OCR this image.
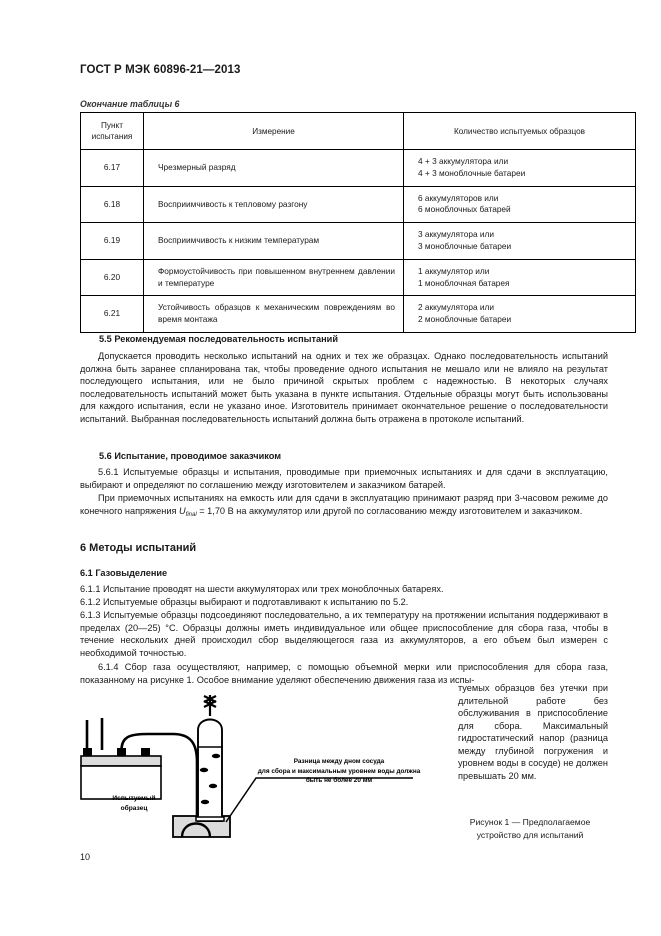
ГОСТ Р МЭК 60896-21—2013
Окончание таблицы 6
Пункт
испытания	Измерение	Количество испытуемых образцов
6.17	Чрезмерный разряд	4 + 3 аккумулятора или
4 + 3 моноблочные батареи
6.18	Восприимчивость к тепловому разгону	6 аккумуляторов или
6 моноблочных батарей
6.19	Восприимчивость к низким температурам	3 аккумулятора или
3 моноблочные батареи
6.20	Формоустойчивость при повышенном внутреннем давлении и температуре	1 аккумулятор или
1 моноблочная батарея
6.21	Устойчивость образцов к механическим повреждениям во время монтажа	2 аккумулятора или
2 моноблочные батареи
5.5 Рекомендуемая последовательность испытаний
Допускается проводить несколько испытаний на одних и тех же образцах. Однако последовательность испытаний должна быть заранее спланирована так, чтобы проведение одного испытания не мешало или не влияло на результат последующего испытания, или не было причиной скрытых проблем с надежностью. В некоторых случаях последовательность испытаний может быть указана в пункте испытания. Отдельные образцы могут быть использованы для каждого испытания, если не указано иное. Изготовитель принимает окончательное решение о последовательности испытаний. Выбранная последовательность испытаний должна быть отражена в протоколе испытаний.
5.6 Испытание, проводимое заказчиком
5.6.1 Испытуемые образцы и испытания, проводимые при приемочных испытаниях и для сдачи в эксплуатацию, выбирают и определяют по соглашению между изготовителем и заказчиком батарей.
При приемочных испытаниях на емкость или для сдачи в эксплуатацию принимают разряд при 3-часовом режиме до конечного напряжения $U_{final} = 1,70$ В на аккумулятор или другой по согласованию между изготовителем и заказчиком.
6 Методы испытаний
6.1 Газовыделение
6.1.1 Испытание проводят на шести аккумуляторах или трех моноблочных батареях.
6.1.2 Испытуемые образцы выбирают и подготавливают к испытанию по 5.2.
6.1.3 Испытуемые образцы подсоединяют последовательно, а их температуру на протяжении испытания поддерживают в пределах (20—25) °С. Образцы должны иметь индивидуальное или общее приспособление для сбора газа, чтобы в течение нескольких дней происходил сбор выделяющегося газа из аккумуляторов, а его объем был измерен с необходимой точностью.
6.1.4 Сбор газа осуществляют, например, с помощью объемной мерки или приспособления для сбора газа, показанному на рисунке 1. Особое внимание уделяют обеспечению движения газа из испы-
туемых образцов без утечки при длительной работе без обслуживания в приспособление для сбора. Максимальный гидростатический напор (разница между глубиной погружения и уровнем воды в сосуде) не должен превышать 20 мм.
Испытуемый
образец
Разница между дном сосуда
для сбора и максимальным уровнем воды должна быть не более 20 мм
Рисунок 1 — Предполагаемое
устройство для испытаний
10
